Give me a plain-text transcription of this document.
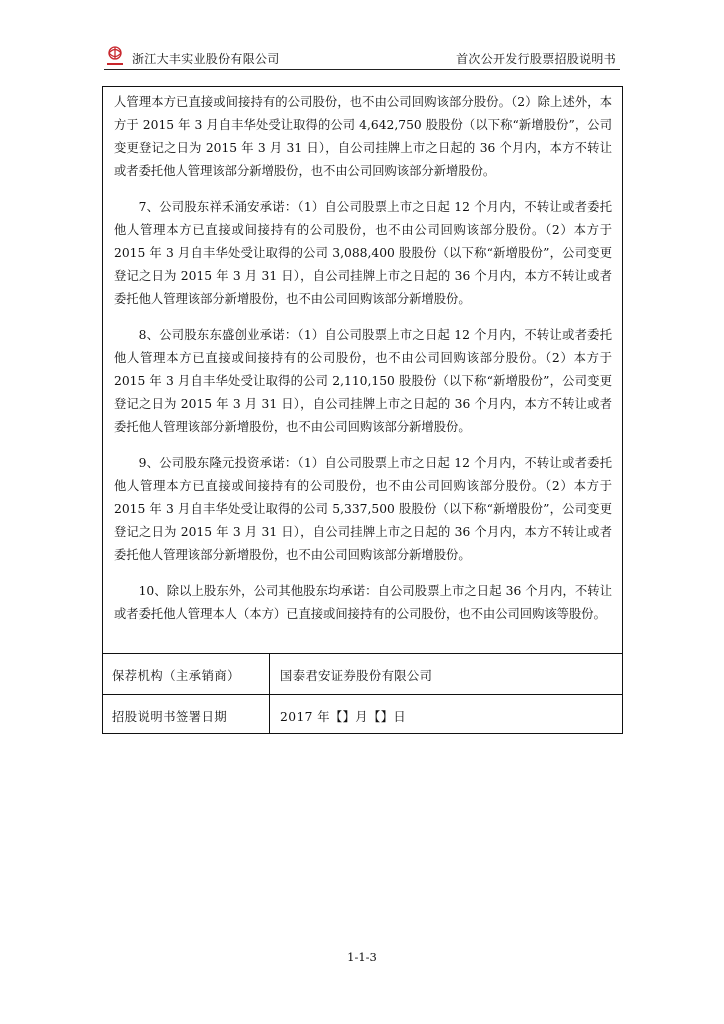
浙江大丰实业股份有限公司	首次公开发行股票招股说明书

人管理本方已直接或间接持有的公司股份，也不由公司回购该部分股份。（2）除上述外，本方于 2015 年 3 月自丰华处受让取得的公司 4,642,750 股股份（以下称“新增股份”，公司变更登记之日为 2015 年 3 月 31 日），自公司挂牌上市之日起的 36 个月内，本方不转让或者委托他人管理该部分新增股份，也不由公司回购该部分新增股份。

7、公司股东祥禾涌安承诺：（1）自公司股票上市之日起 12 个月内，不转让或者委托他人管理本方已直接或间接持有的公司股份，也不由公司回购该部分股份。（2）本方于 2015 年 3 月自丰华处受让取得的公司 3,088,400 股股份（以下称“新增股份”，公司变更登记之日为 2015 年 3 月 31 日），自公司挂牌上市之日起的 36 个月内，本方不转让或者委托他人管理该部分新增股份，也不由公司回购该部分新增股份。

8、公司股东东盛创业承诺：（1）自公司股票上市之日起 12 个月内，不转让或者委托他人管理本方已直接或间接持有的公司股份，也不由公司回购该部分股份。（2）本方于 2015 年 3 月自丰华处受让取得的公司 2,110,150 股股份（以下称“新增股份”，公司变更登记之日为 2015 年 3 月 31 日），自公司挂牌上市之日起的 36 个月内，本方不转让或者委托他人管理该部分新增股份，也不由公司回购该部分新增股份。

9、公司股东隆元投资承诺：（1）自公司股票上市之日起 12 个月内，不转让或者委托他人管理本方已直接或间接持有的公司股份，也不由公司回购该部分股份。（2）本方于 2015 年 3 月自丰华处受让取得的公司 5,337,500 股股份（以下称“新增股份”，公司变更登记之日为 2015 年 3 月 31 日），自公司挂牌上市之日起的 36 个月内，本方不转让或者委托他人管理该部分新增股份，也不由公司回购该部分新增股份。

10、除以上股东外，公司其他股东均承诺：自公司股票上市之日起 36 个月内，不转让或者委托他人管理本人（本方）已直接或间接持有的公司股份，也不由公司回购该等股份。

保荐机构（主承销商）	国泰君安证券股份有限公司
招股说明书签署日期	2017 年【】月【】日
1-1-3
